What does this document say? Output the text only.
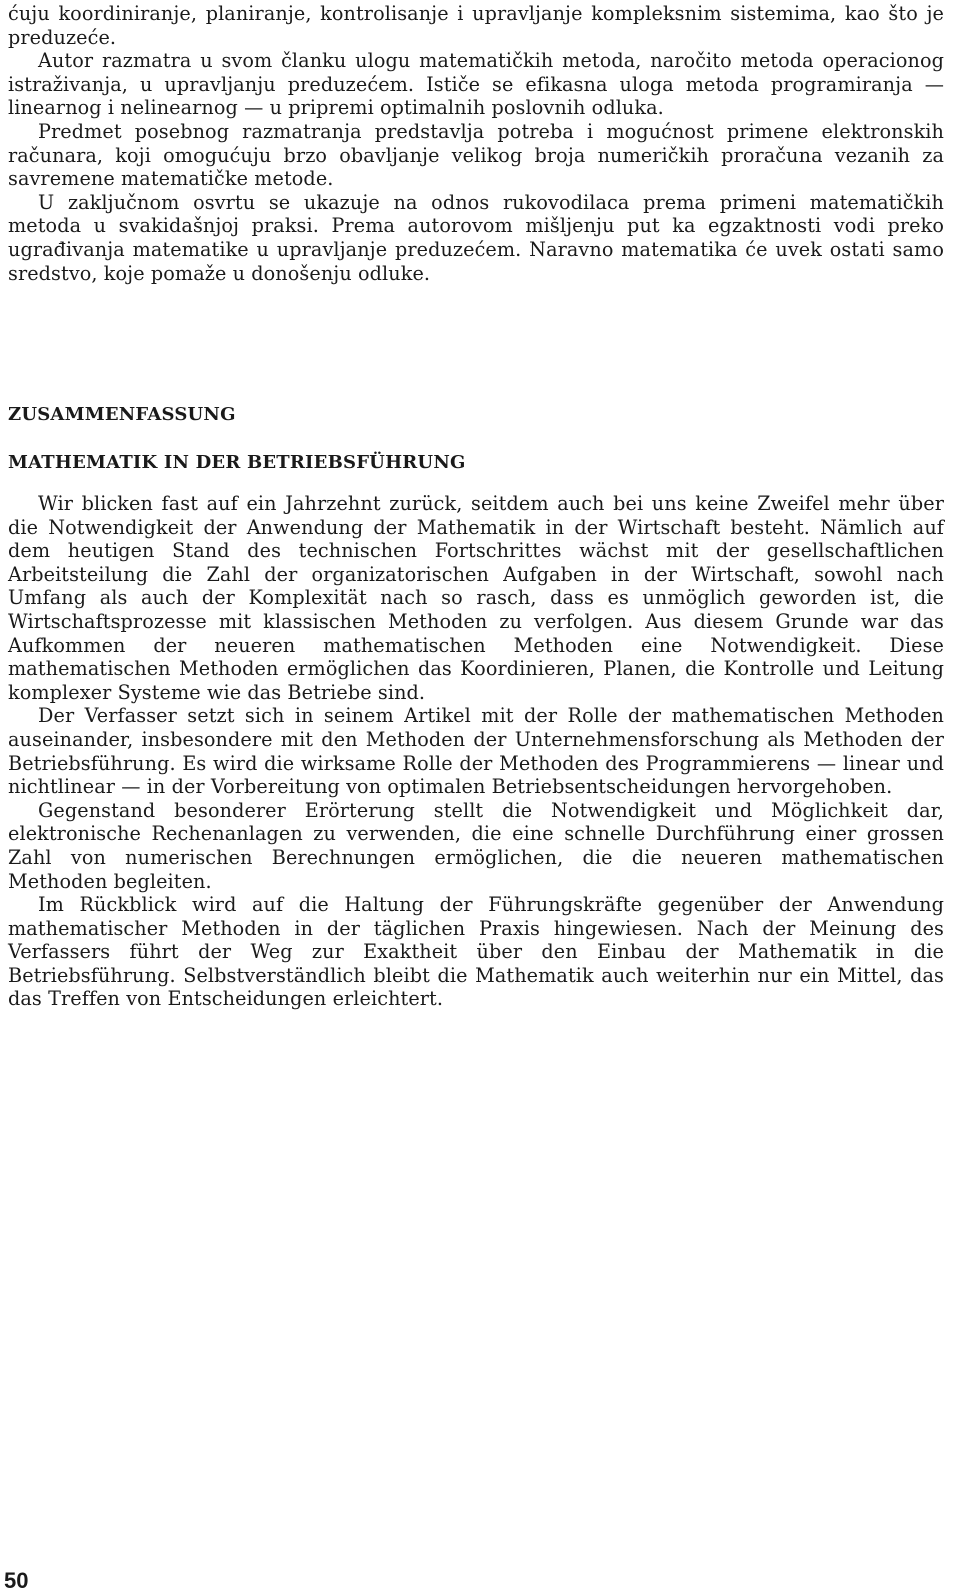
ćuju koordiniranje, planiranje, kontrolisanje i upravljanje kompleksnim sistemima, kao što je preduzeće.

Autor razmatra u svom članku ulogu matematičkih metoda, naročito metoda operacionog istraživanja, u upravljanju preduzećem. Ističe se efikasna uloga metoda programiranja — linearnog i nelinearnog — u pripremi optimalnih poslovnih odluka.

Predmet posebnog razmatranja predstavlja potreba i mogućnost primene elektronskih računara, koji omogućuju brzo obavljanje velikog broja numeričkih proračuna vezanih za savremene matematičke metode.

U zaključnom osvrtu se ukazuje na odnos rukovodilaca prema primeni matematičkih metoda u svakidašnjoj praksi. Prema autorovom mišljenju put ka egzaktnosti vodi preko ugrađivanja matematike u upravljanje preduzećem. Naravno matematika će uvek ostati samo sredstvo, koje pomaže u donošenju odluke.

ZUSAMMENFASSUNG
MATHEMATIK IN DER BETRIEBSFÜHRUNG

Wir blicken fast auf ein Jahrzehnt zurück, seitdem auch bei uns keine Zweifel mehr über die Notwendigkeit der Anwendung der Mathematik in der Wirtschaft besteht. Nämlich auf dem heutigen Stand des technischen Fortschrittes wächst mit der gesellschaftlichen Arbeitsteilung die Zahl der organizatorischen Aufgaben in der Wirtschaft, sowohl nach Umfang als auch der Komplexität nach so rasch, dass es unmöglich geworden ist, die Wirtschaftsprozesse mit klassischen Methoden zu verfolgen. Aus diesem Grunde war das Aufkommen der neueren mathematischen Methoden eine Notwendigkeit. Diese mathematischen Methoden ermöglichen das Koordinieren, Planen, die Kontrolle und Leitung komplexer Systeme wie das Betriebe sind.

Der Verfasser setzt sich in seinem Artikel mit der Rolle der mathematischen Methoden auseinander, insbesondere mit den Methoden der Unternehmensforschung als Methoden der Betriebsführung. Es wird die wirksame Rolle der Methoden des Programmierens — linear und nichtlinear — in der Vorbereitung von optimalen Betriebsentscheidungen hervorgehoben.

Gegenstand besonderer Erörterung stellt die Notwendigkeit und Möglichkeit dar, elektronische Rechenanlagen zu verwenden, die eine schnelle Durchführung einer grossen Zahl von numerischen Berechnungen ermöglichen, die die neueren mathematischen Methoden begleiten.

Im Rückblick wird auf die Haltung der Führungskräfte gegenüber der Anwendung mathematischer Methoden in der täglichen Praxis hingewiesen. Nach der Meinung des Verfassers führt der Weg zur Exaktheit über den Einbau der Mathematik in die Betriebsführung. Selbstverständlich bleibt die Mathematik auch weiterhin nur ein Mittel, das das Treffen von Entscheidungen erleichtert.

50
